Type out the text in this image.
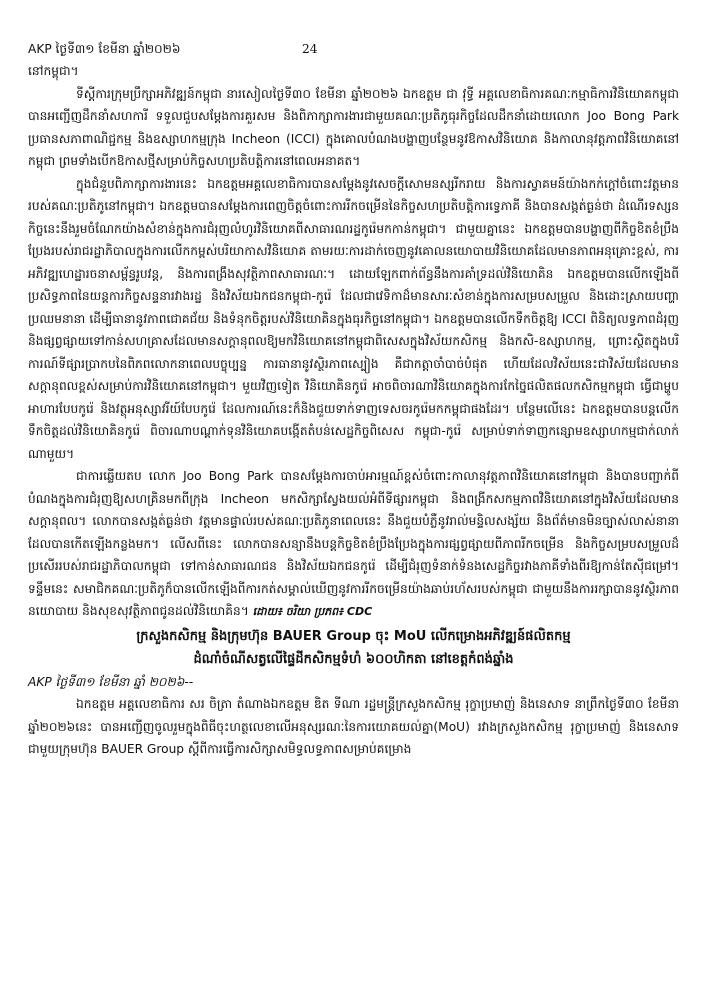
AKP ថ្ងៃទី៣១ ខែមីនា ឆ្នាំ២០២៦	24

នៅកម្ពុជា។

ទីស្តីការក្រុមប្រឹក្សាអភិវឌ្ឍន៍កម្ពុជា នារសៀលថ្ងៃទី៣០ ខែមីនា ឆ្នាំ២០២៦ ឯកឧត្តម ជា វុទ្ធី អគ្គលេខាធិការគណៈកម្មាធិការវិនិយោគកម្ពុជា បានអញ្ជើញដឹកនាំសហការី ទទួលជួបសម្តែងការគួរសម និងពិភាក្សាការងារជាមួយគណៈប្រតិភូធុរកិច្ចដែលដឹកនាំដោយលោក Joo Bong Park ប្រធានសភាពាណិជ្ជកម្ម និងឧស្សាហកម្មក្រុង Incheon (ICCI) ក្នុងគោលបំណងបង្ហាញបន្ថែមនូវឱកាសវិនិយោគ និងកាលានុវត្តភាពវិនិយោគនៅកម្ពុជា ព្រមទាំងបើកឱកាសថ្មីសម្រាប់កិច្ចសហប្រតិបត្តិការនៅពេលអនាគត។

ក្នុងជំនួបពិភាក្សាការងារនេះ ឯកឧត្តមអគ្គលេខាធិការបានសម្តែងនូវសេចក្តីសោមនស្សរីករាយ និងការស្វាគមន៍យ៉ាងកក់ក្តៅចំពោះវត្តមានរបស់គណៈប្រតិភូនៅកម្ពុជា។ ឯកឧត្តមបានសម្តែងការពេញចិត្តចំពោះការរីកចម្រើននៃកិច្ចសហប្រតិបត្តិការទ្វេភាគី និងបានសង្កត់ធ្ងន់ថា ដំណើរទស្សនកិច្ចនេះនឹងរួមចំណែកយ៉ាងសំខាន់ក្នុងការជំរុញលំហូរវិនិយោគពីសាធារណរដ្ឋកូរ៉េមកកាន់កម្ពុជា។ ជាមួយគ្នានេះ ឯកឧត្តមបានបង្ហាញពីកិច្ចខិតខំប្រឹងប្រែងរបស់រាជរដ្ឋាភិបាលក្នុងការលើកកម្ពស់បរិយាកាសវិនិយោគ តាមរយៈការដាក់ចេញនូវគោលនយោបាយវិនិយោគដែលមានភាពអនុគ្រោះខ្ពស់, ការអភិវឌ្ឍហេដ្ឋារចនាសម្ព័ន្ធរូបវន្ត, និងការពង្រឹងសុវត្ថិភាពសាធារណៈ។ ដោយឡែកពាក់ព័ន្ធនឹងការគាំទ្រដល់វិនិយោគិន ឯកឧត្តមបានលើកឡើងពីប្រសិទ្ធភាពនៃយន្តការកិច្ចសន្ទនារវាងរដ្ឋ និងវិស័យឯកជនកម្ពុជា-កូរ៉េ ដែលជាវេទិកាដ៏មានសារៈសំខាន់ក្នុងការសម្របសម្រួល និងដោះស្រាយបញ្ហាប្រឈមនានា ដើម្បីធានានូវភាពជោគជ័យ និងទំនុកចិត្តរបស់វិនិយោគិនក្នុងធុរកិច្ចនៅកម្ពុជា។ ឯកឧត្តមបានលើកទឹកចិត្តឱ្យ ICCI ពិនិត្យលទ្ធភាពដំរុញ និងផ្សព្វផ្សាយទៅកាន់សហគ្រាសដែលមានសក្តានុពលឱ្យមកវិនិយោគនៅកម្ពុជាពិសេសក្នុងវិស័យកសិកម្ម និងកសិ-ឧស្សាហកម្ម, ព្រោះស្ថិតក្នុងបរិការណ៍ទីផ្សារប្រាកបនៃពិភពលោកនាពេលបច្ចុប្បន្ន ការធានានូវស្ថិរភាពស្បៀង គឺជាកត្តាចាំបាច់បំផុត ហើយដែលវិស័យនេះជាវិស័យដែលមានសក្តានុពលខ្ពស់សម្រាប់ការវិនិយោគនៅកម្ពុជា។ មួយវិញទៀត វិនិយោគិនកូរ៉េ អាចពិចារណាវិនិយោគក្នុងការកែច្នៃផលិតផលកសិកម្មកម្ពុជា ធ្វើជាម្ហូបអាហារបែបកូរ៉េ និងវត្ថុអនុស្សាវរីយ៍បែបកូរ៉េ ដែលការណ៍នេះក៏និងជួយទាក់ទាញទេសចរកូរ៉េមកកម្ពុជាផងដែរ។ បន្ថែមលើនេះ ឯកឧត្តមបានបន្តលើកទឹកចិត្តដល់វិនិយោគិនកូរ៉េ ពិចារណាបណ្តាក់ទុនវិនិយោគបង្កើតតំបន់សេដ្ឋកិច្ចពិសេស កម្ពុជា-កូរ៉េ សម្រាប់ទាក់ទាញកន្សោមឧស្សាហកម្មជាក់លាក់ណាមួយ។

ជាការឆ្លើយតប លោក Joo Bong Park បានសម្តែងការចាប់អារម្មណ៍ខ្ពស់ចំពោះកាលានុវត្តភាពវិនិយោគនៅកម្ពុជា និងបានបញ្ជាក់ពីបំណងក្នុងការជំរុញឱ្យសហគ្រិនមកពីក្រុង Incheon មកសិក្សាស្វែងយល់អំពីទីផ្សារកម្ពុជា និងពង្រីកសកម្មភាពវិនិយោគនៅក្នុងវិស័យដែលមានសក្តានុពល។ លោកបានសង្កត់ធ្ងន់ថា វត្តមានផ្ទាល់របស់គណៈប្រតិភូនាពេលនេះ នឹងជួយបំភ្លឺនូវរាល់មន្ទិលសង្ស័យ និងព័ត៌មានមិនច្បាស់លាស់នានាដែលបានកើតឡើងកន្លងមក។ លើសពីនេះ លោកបានសន្យានឹងបន្តកិច្ចខិតខំប្រឹងប្រែងក្នុងការផ្សព្វផ្សាយពីភាពរីកចម្រើន និងកិច្ចសម្របសម្រួលដ៏ប្រសើររបស់រាជរដ្ឋាភិបាលកម្ពុជា ទៅកាន់សាធារណជន និងវិស័យឯកជនកូរ៉េ ដើម្បីជំរុញទំនាក់ទំនងសេដ្ឋកិច្ចរវាងភាគីទាំងពីរឱ្យកាន់តែស៊ីជម្រៅ។ ទន្ទឹមនេះ សមាជិកគណៈប្រតិភូក៏បានលើកឡើងពីការកត់សម្គាល់ឃើញនូវការរីកចម្រើនយ៉ាងឆាប់រហ័សរបស់កម្ពុជា ជាមួយនឹងការរក្សាបាននូវស្ថិរភាពនយោបាយ និងសុខសុវត្ថិភាពជូនដល់វិនិយោគិន។ ដោយ៖ ចរិយា ប្រភព៖ CDC

ក្រសួងកសិកម្ម និងក្រុមហ៊ុន BAUER Group ចុះ MoU លើកម្រោងអភិវឌ្ឍន៍ផលិតកម្ម
ដំណាំចំណីសត្វលើផ្ទៃដីកសិកម្មទំហំ ៦០០ហិកតា នៅខេត្តកំពង់ឆ្នាំង

AKP ថ្ងៃទី៣១ ខែមីនា ឆ្នាំ ២០២៦--

ឯកឧត្តម អគ្គលេខាធិការ សរ ចិត្រា តំណាងឯកឧត្តម ឌិត ទីណា រដ្ឋមន្ត្រីក្រសួងកសិកម្ម រុក្ខាប្រមាញ់ និងនេសាទ នាព្រឹកថ្ងៃទី៣០ ខែមីនា ឆ្នាំ២០២៦នេះ បានអញ្ជើញចូលរួមក្នុងពិធីចុះហត្ថលេខាលើអនុស្សរណៈនៃការយោគយល់គ្នា(MoU) រវាងក្រសួងកសិកម្ម រុក្ខាប្រមាញ់ និងនេសាទ ជាមួយក្រុមហ៊ុន BAUER Group ស្តីពីការធ្វើការសិក្សាសមិទ្ធលទ្ធភាពសម្រាប់គម្រោង
